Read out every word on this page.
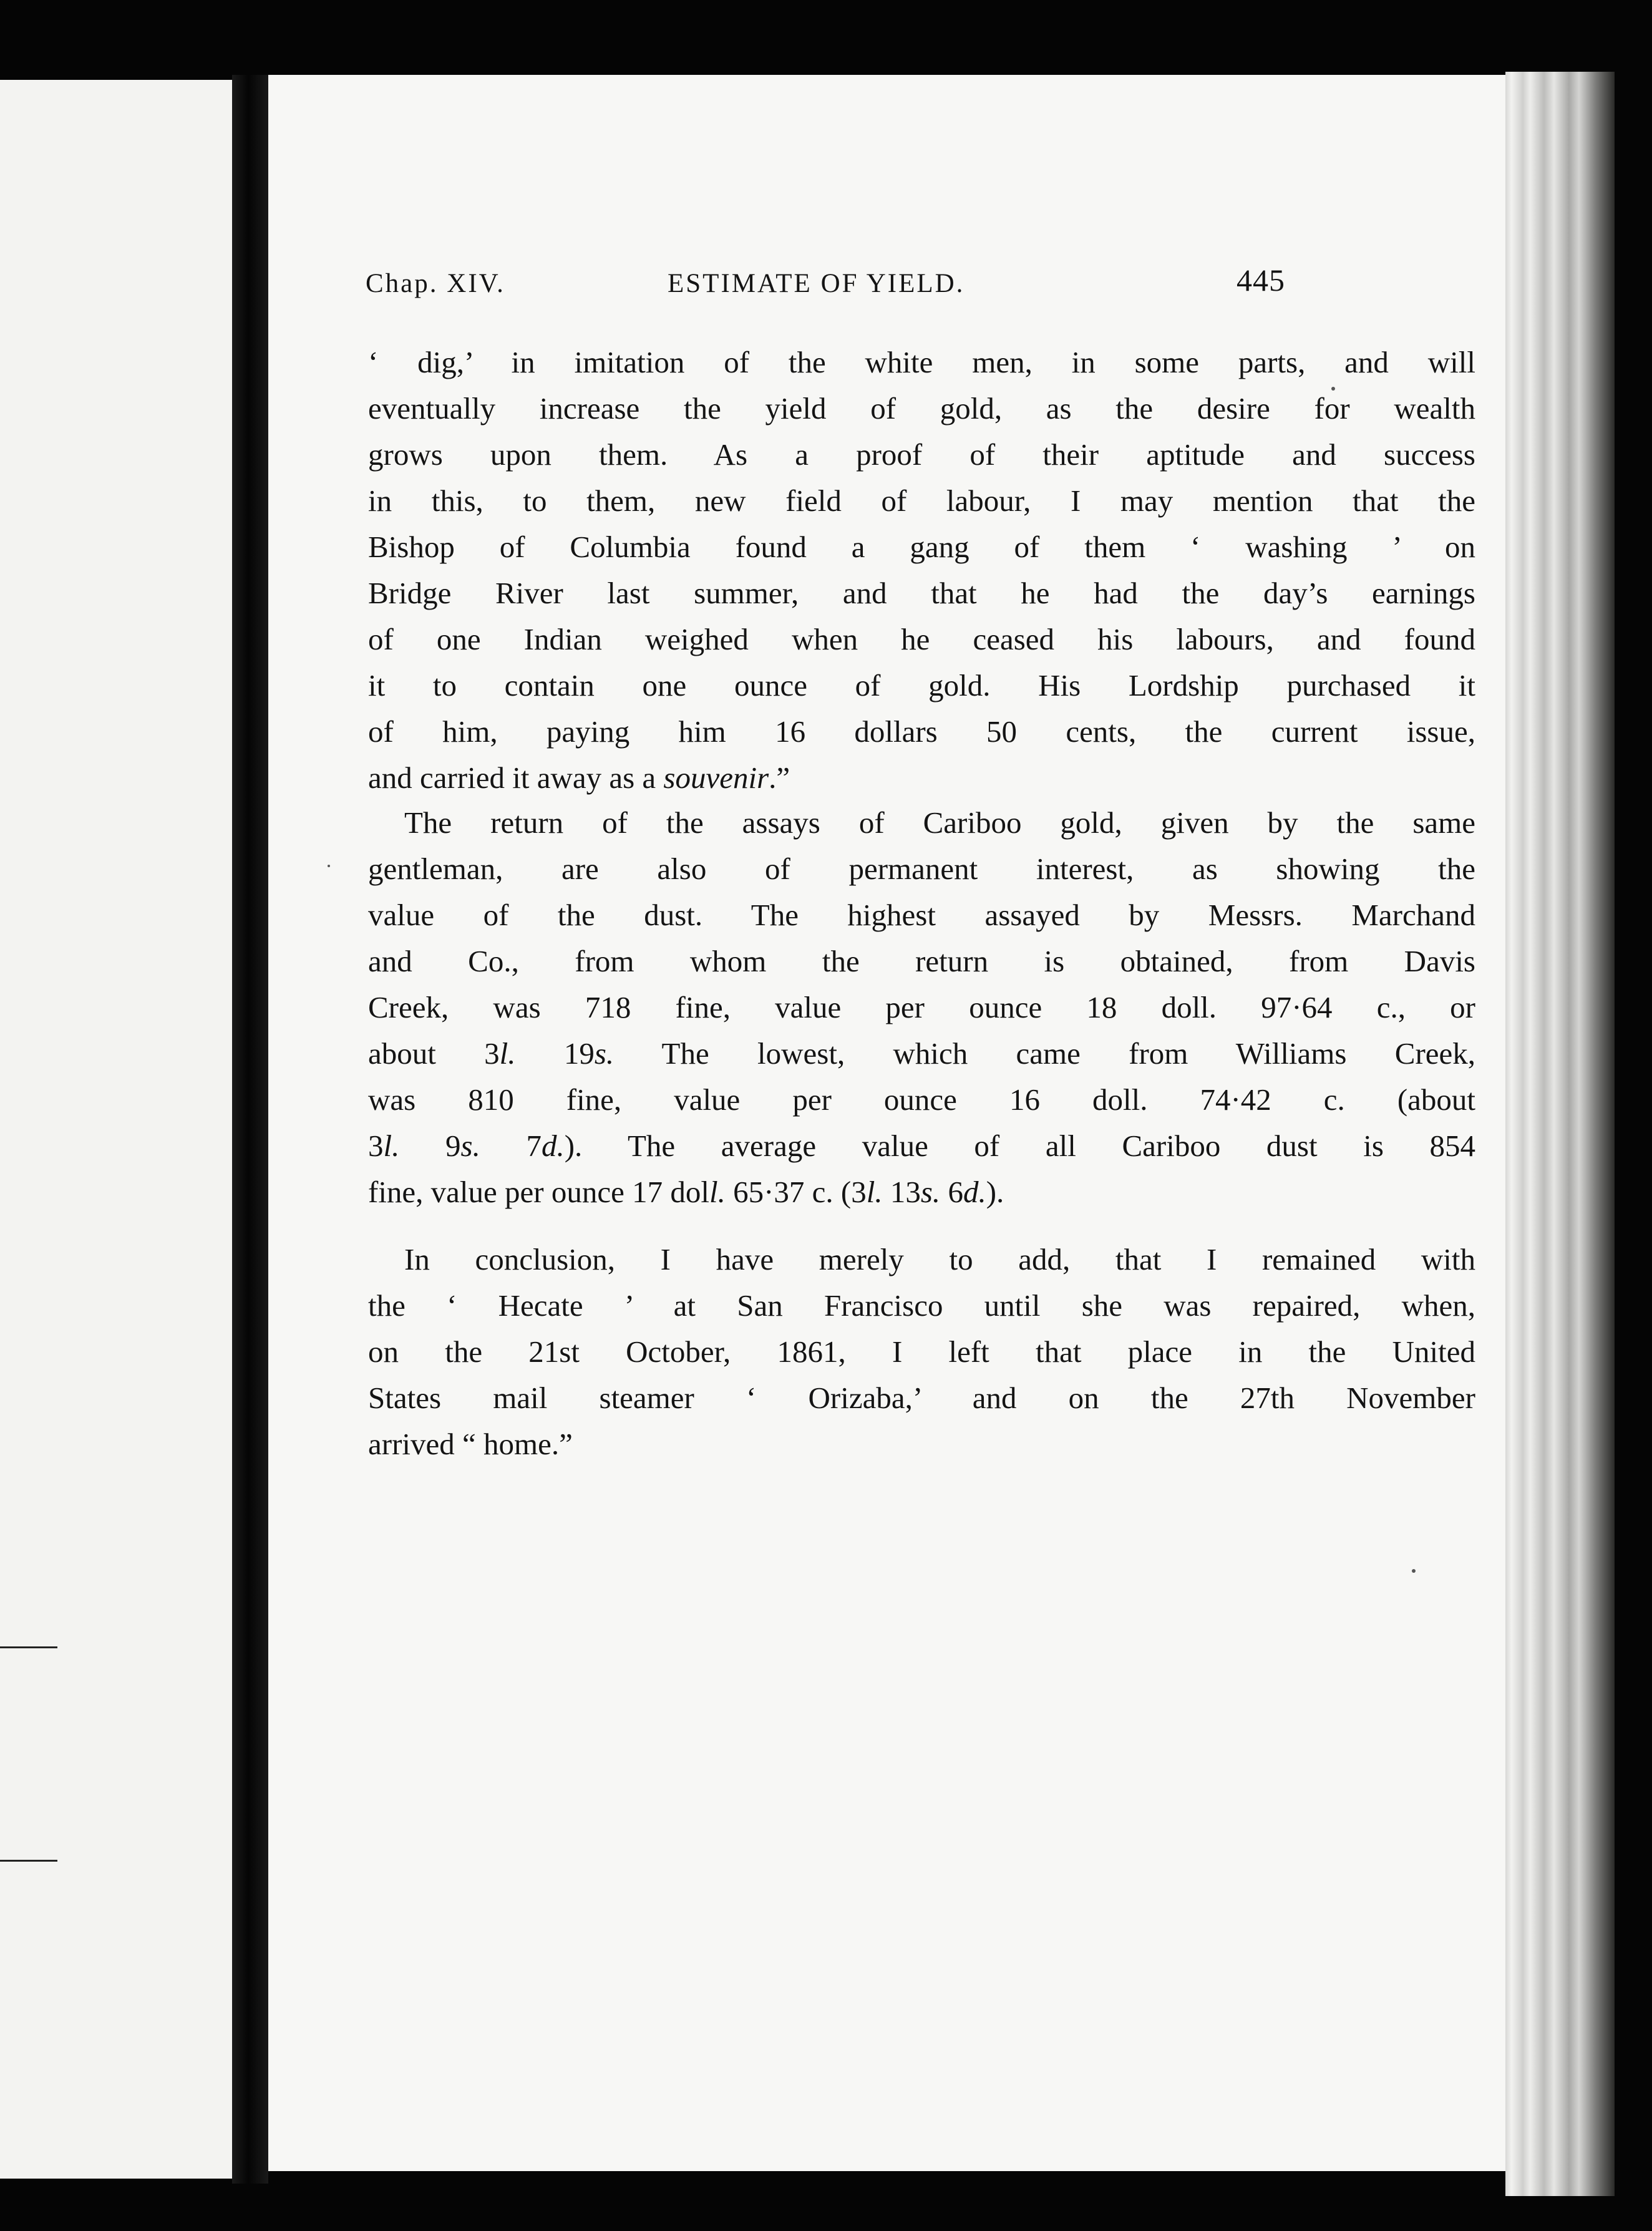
Chap. XIV.	ESTIMATE OF YIELD.	445
‘ dig,’ in imitation of the white men, in some parts, and will
eventually increase the yield of gold, as the desire for wealth
grows upon them. As a proof of their aptitude and success
in this, to them, new field of labour, I may mention that the
Bishop of Columbia found a gang of them ‘ washing ’ on
Bridge River last summer, and that he had the day’s earnings
of one Indian weighed when he ceased his labours, and found
it to contain one ounce of gold. His Lordship purchased it
of him, paying him 16 dollars 50 cents, the current issue,
and carried it away as a souvenir.”
The return of the assays of Cariboo gold, given by the same
gentleman, are also of permanent interest, as showing the
value of the dust. The highest assayed by Messrs. Marchand
and Co., from whom the return is obtained, from Davis
Creek, was 718 fine, value per ounce 18 doll. 97·64 c., or
about 3l. 19s. The lowest, which came from Williams Creek,
was 810 fine, value per ounce 16 doll. 74·42 c. (about
3l. 9s. 7d.). The average value of all Cariboo dust is 854
fine, value per ounce 17 doll. 65·37 c. (3l. 13s. 6d.).
In conclusion, I have merely to add, that I remained with
the ‘ Hecate ’ at San Francisco until she was repaired, when,
on the 21st October, 1861, I left that place in the United
States mail steamer ‘ Orizaba,’ and on the 27th November
arrived “ home.”
